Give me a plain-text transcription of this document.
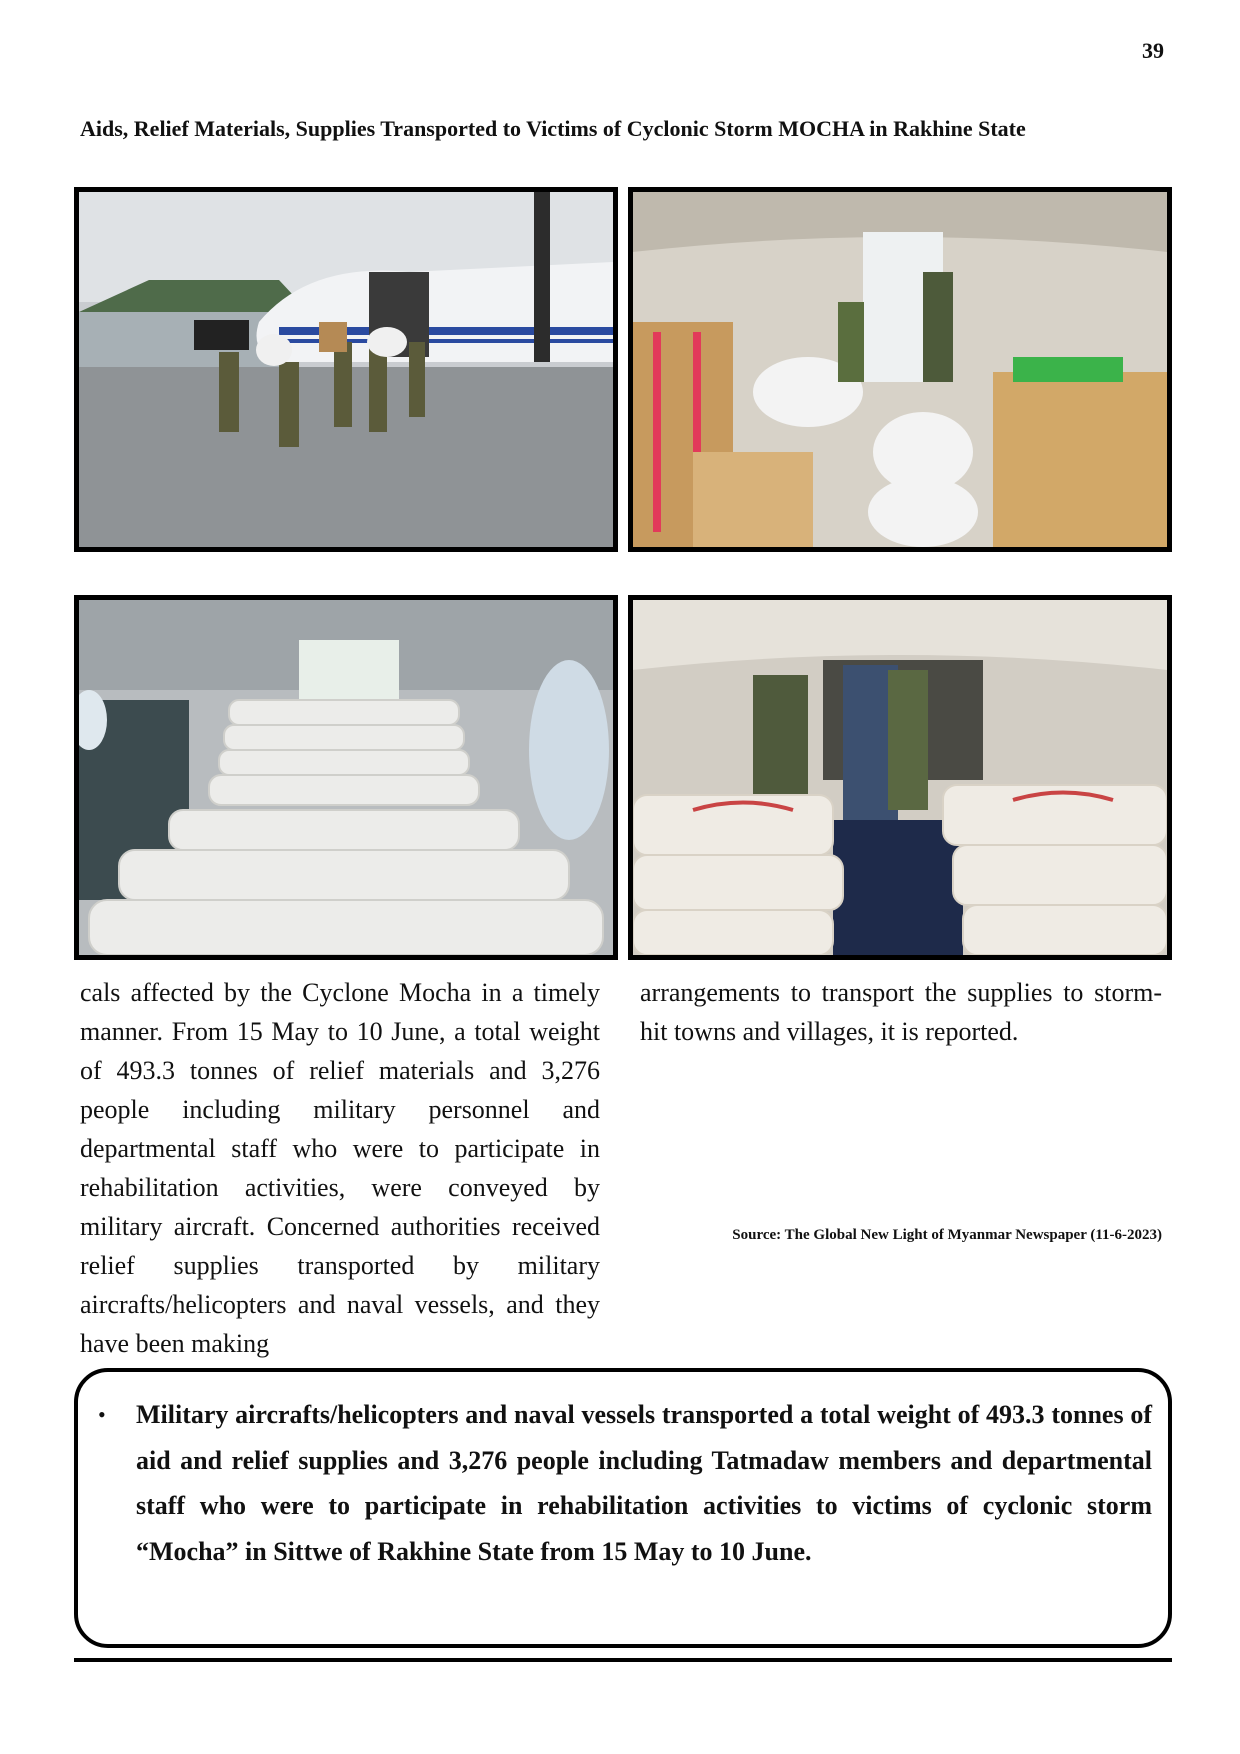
39
Aids, Relief Materials, Supplies Transported to Victims of Cyclonic Storm MOCHA in Rakhine State

cals affected by the Cyclone Mocha in a timely manner. From 15 May to 10 June, a total weight of 493.3 tonnes of relief materials and 3,276 people including military personnel and departmental staff who were to participate in rehabilitation activities, were conveyed by military aircraft. Concerned authorities received relief supplies transported by military aircrafts/helicopters and naval vessels, and they have been making

arrangements to transport the supplies to storm-hit towns and villages, it is reported.

Source: The Global New Light of Myanmar Newspaper (11-6-2023)
• Military aircrafts/helicopters and naval vessels transported a total weight of 493.3 tonnes of aid and relief supplies and 3,276 people including Tatmadaw members and departmental staff who were to participate in rehabilitation activities to victims of cyclonic storm “Mocha” in Sittwe of Rakhine State from 15 May to 10 June.
